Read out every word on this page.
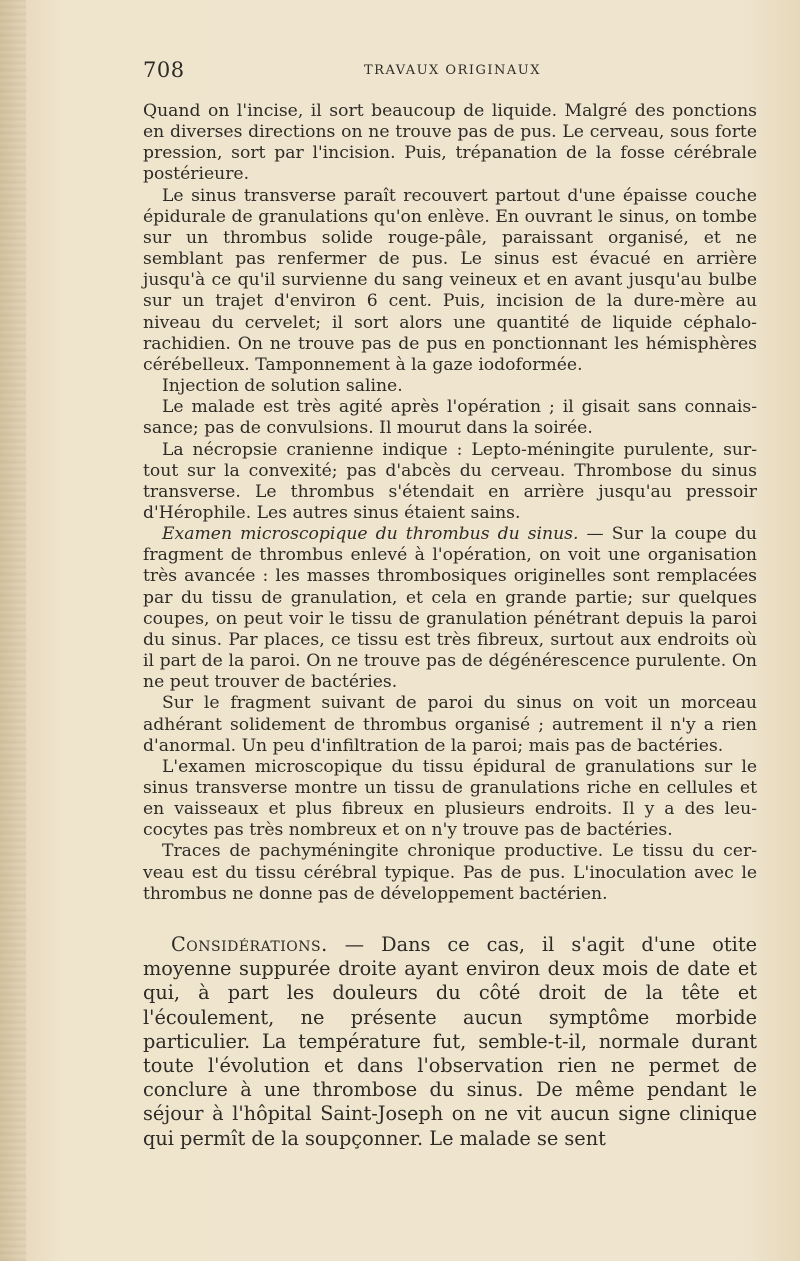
708	TRAVAUX ORIGINAUX

Quand on l'incise, il sort beaucoup de liquide. Malgré des ponctions en diverses directions on ne trouve pas de pus. Le cerveau, sous forte pression, sort par l'incision. Puis, trépanation de la fosse cérébrale postérieure.

Le sinus transverse paraît recouvert partout d'une épaisse couche épidurale de granulations qu'on enlève. En ouvrant le sinus, on tombe sur un thrombus solide rouge-pâle, paraissant organisé, et ne semblant pas renfermer de pus. Le sinus est évacué en arrière jusqu'à ce qu'il survienne du sang veineux et en avant jusqu'au bulbe sur un trajet d'environ 6 cent. Puis, incision de la dure-mère au niveau du cervelet; il sort alors une quantité de liquide céphalo-rachidien. On ne trouve pas de pus en ponctionnant les hémisphères cérébelleux. Tamponnement à la gaze iodoformée.

Injection de solution saline.

Le malade est très agité après l'opération ; il gisait sans connaissance; pas de convulsions. Il mourut dans la soirée.

La nécropsie cranienne indique : Lepto-méningite purulente, surtout sur la convexité; pas d'abcès du cerveau. Thrombose du sinus transverse. Le thrombus s'étendait en arrière jusqu'au pressoir d'Hérophile. Les autres sinus étaient sains.

Examen microscopique du thrombus du sinus. — Sur la coupe du fragment de thrombus enlevé à l'opération, on voit une organisation très avancée : les masses thrombosiques originelles sont remplacées par du tissu de granulation, et cela en grande partie; sur quelques coupes, on peut voir le tissu de granulation pénétrant depuis la paroi du sinus. Par places, ce tissu est très fibreux, surtout aux endroits où il part de la paroi. On ne trouve pas de dégénérescence purulente. On ne peut trouver de bactéries.

Sur le fragment suivant de paroi du sinus on voit un morceau adhérant solidement de thrombus organisé ; autrement il n'y a rien d'anormal. Un peu d'infiltration de la paroi; mais pas de bactéries.

L'examen microscopique du tissu épidural de granulations sur le sinus transverse montre un tissu de granulations riche en cellules et en vaisseaux et plus fibreux en plusieurs endroits. Il y a des leucocytes pas très nombreux et on n'y trouve pas de bactéries.

Traces de pachyméningite chronique productive. Le tissu du cerveau est du tissu cérébral typique. Pas de pus. L'inoculation avec le thrombus ne donne pas de développement bactérien.

Considérations. — Dans ce cas, il s'agit d'une otite moyenne suppurée droite ayant environ deux mois de date et qui, à part les douleurs du côté droit de la tête et l'écoulement, ne présente aucun symptôme morbide particulier. La température fut, semble-t-il, normale durant toute l'évolution et dans l'observation rien ne permet de conclure à une thrombose du sinus. De même pendant le séjour à l'hôpital Saint-Joseph on ne vit aucun signe clinique qui permît de la soupçonner. Le malade se sent
